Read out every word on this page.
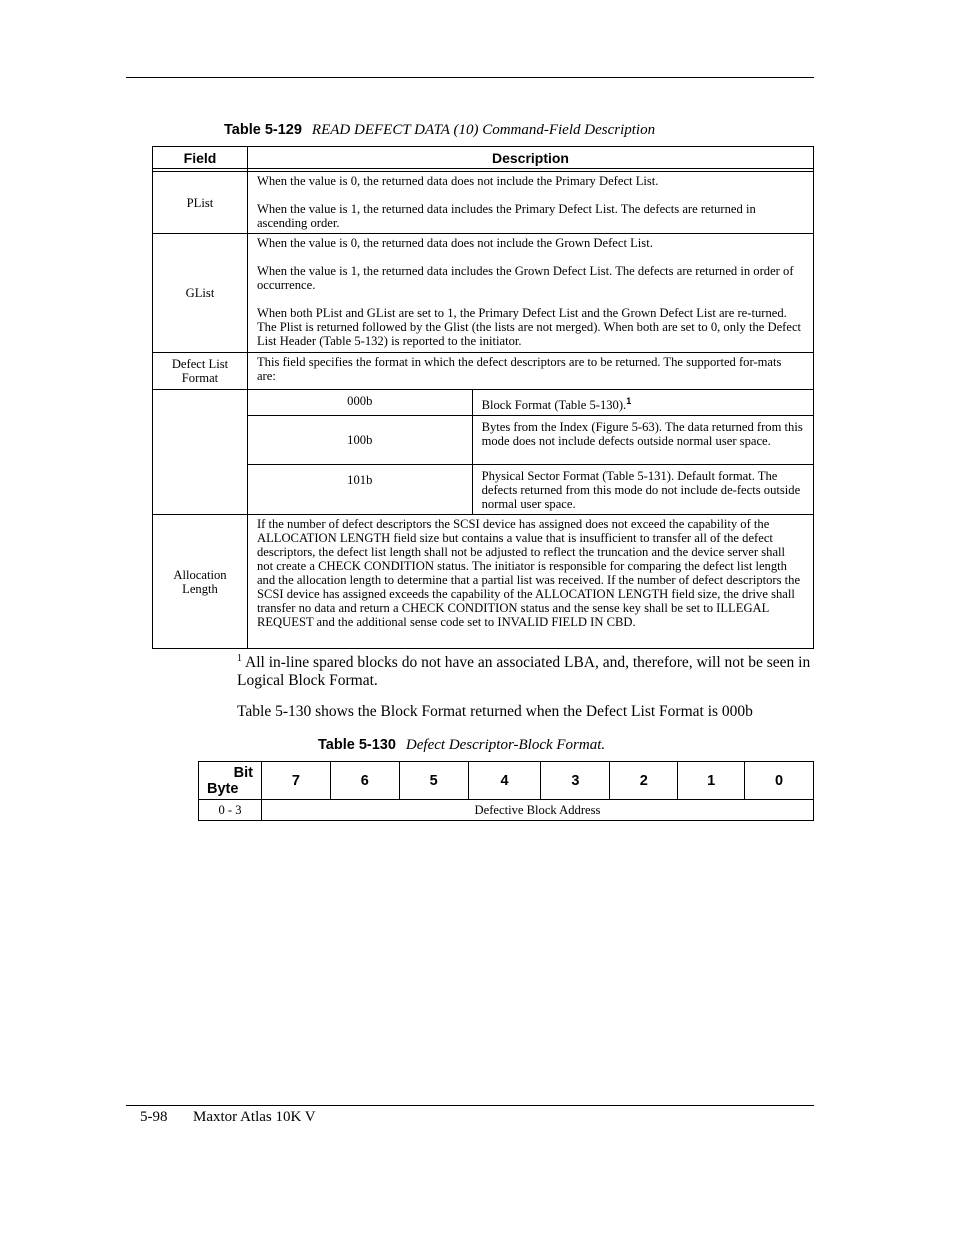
Table 5-129 READ DEFECT DATA (10) Command-Field Description
Field	Description	

PList	When the value is 0, the returned data does not include the Primary Defect List.

When the value is 1, the returned data includes the Primary Defect List. The defects are returned in ascending order.	

GList	When the value is 0, the returned data does not include the Grown Defect List.

When the value is 1, the returned data includes the Grown Defect List. The defects are returned in order of occurrence.

When both PList and GList are set to 1, the Primary Defect List and the Grown Defect List are re-turned. The Plist is returned followed by the Glist (the lists are not merged). When both are set to 0, only the Defect List Header (Table 5-132) is reported to the initiator.	

Defect List Format	This field specifies the format in which the defect descriptors are to be returned. The supported for-mats are:	
	000b	Block Format (Table 5-130).$^1$
	100b	Bytes from the Index (Figure 5-63). The data returned from this mode does not include defects outside normal user space.
	101b	Physical Sector Format (Table 5-131). Default format. The defects returned from this mode do not include de-fects outside normal user space.
Allocation Length	If the number of defect descriptors the SCSI device has assigned does not exceed the capability of the ALLOCATION LENGTH field size but contains a value that is insufficient to transfer all of the defect descriptors, the defect list length shall not be adjusted to reflect the truncation and the device server shall not create a CHECK CONDITION status. The initiator is responsible for comparing the defect list length and the allocation length to determine that a partial list was received. If the number of defect descriptors the SCSI device has assigned exceeds the capability of the ALLOCATION LENGTH field size, the drive shall transfer no data and return a CHECK CONDITION status and the sense key shall be set to ILLEGAL REQUEST and the additional sense code set to INVALID FIELD IN CBD.	
$^1$ All in-line spared blocks do not have an associated LBA, and, therefore, will not be seen in Logical Block Format.
Table 5-130 shows the Block Format returned when the Defect List Format is 000b
Table 5-130 Defect Descriptor-Block Format.
Bit
Byte	7	6	5	4	3	2	1	0
0 - 3	Defective Block Address							
5-98 Maxtor Atlas 10K V
